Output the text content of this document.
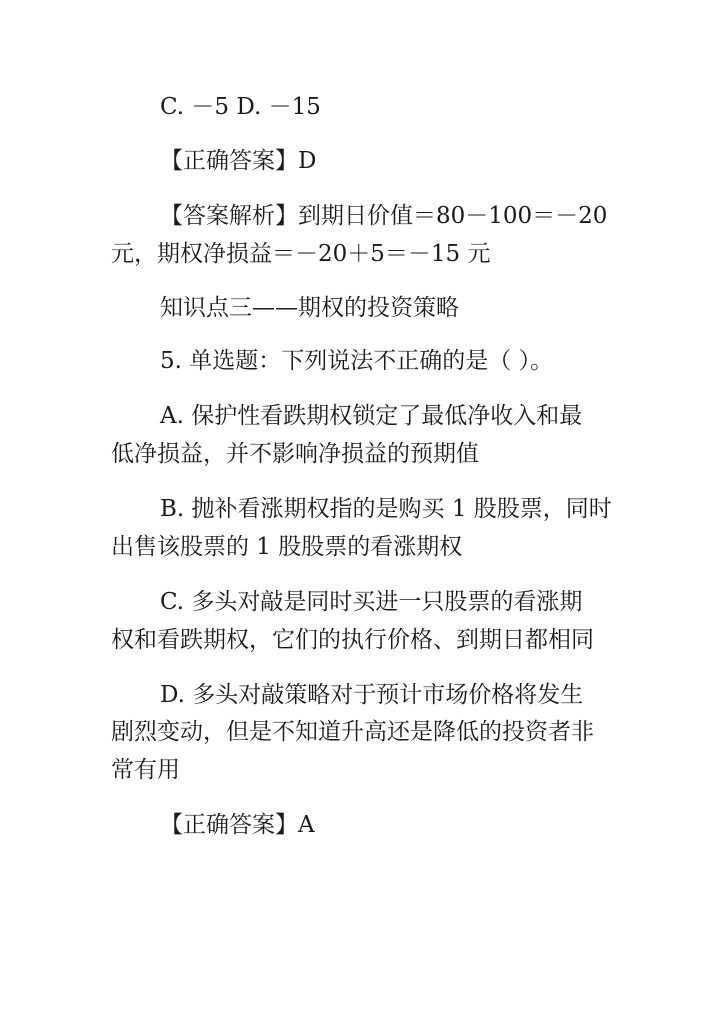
C. －5 D. －15
【正确答案】D
【答案解析】到期日价值＝80－100＝－20
元，期权净损益＝－20＋5＝－15 元
知识点三——期权的投资策略
5. 单选题：下列说法不正确的是（ ）。
A. 保护性看跌期权锁定了最低净收入和最
低净损益，并不影响净损益的预期值
B. 抛补看涨期权指的是购买 1 股股票，同时
出售该股票的 1 股股票的看涨期权
C. 多头对敲是同时买进一只股票的看涨期
权和看跌期权，它们的执行价格、到期日都相同
D. 多头对敲策略对于预计市场价格将发生
剧烈变动，但是不知道升高还是降低的投资者非
常有用
【正确答案】A
